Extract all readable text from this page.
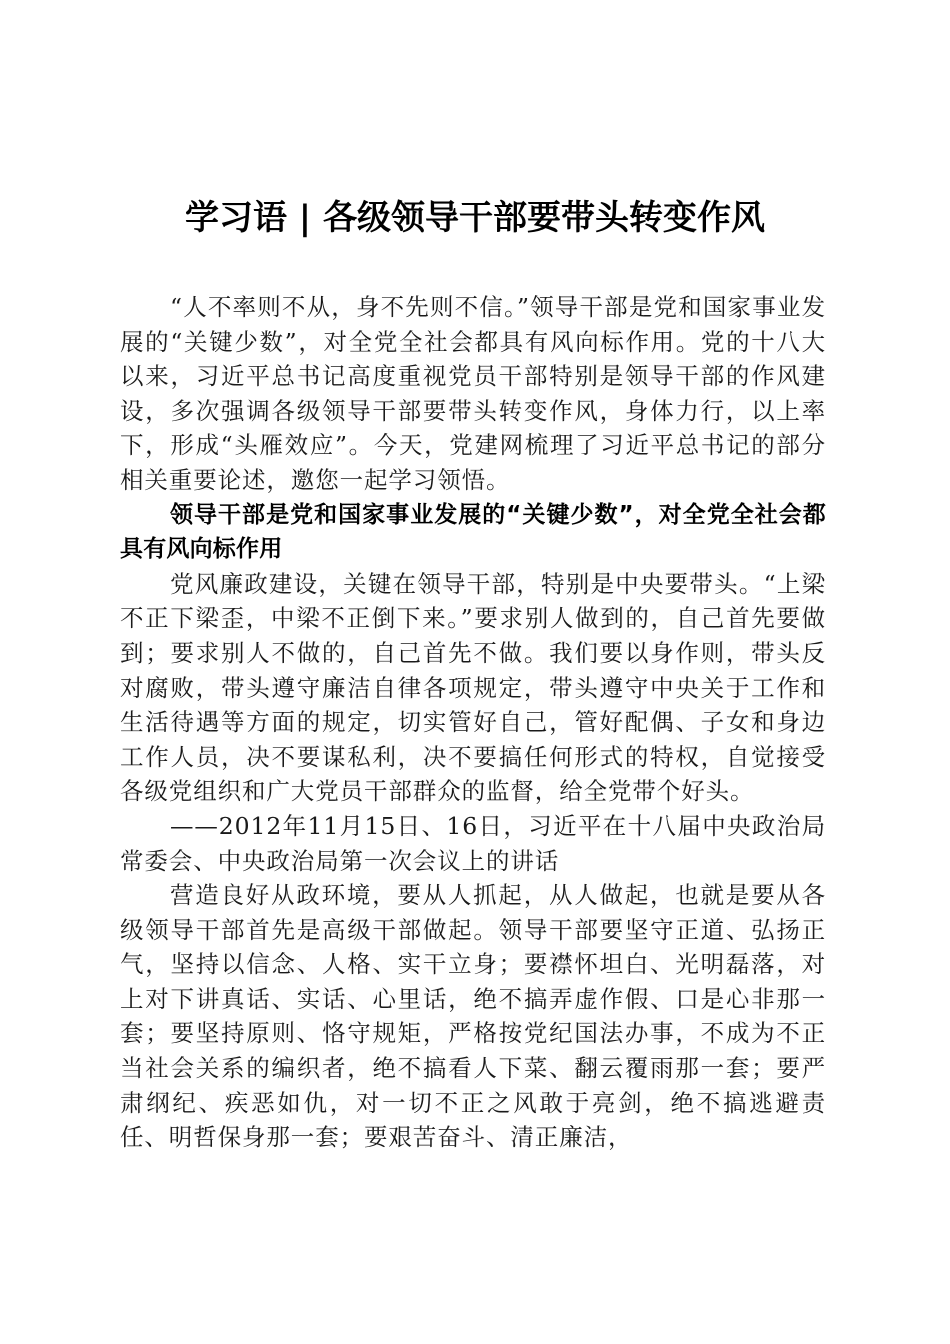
学习语 | 各级领导干部要带头转变作风

“人不率则不从，身不先则不信。”领导干部是党和国家事业发展的“关键少数”，对全党全社会都具有风向标作用。党的十八大以来，习近平总书记高度重视党员干部特别是领导干部的作风建设，多次强调各级领导干部要带头转变作风，身体力行，以上率下，形成“头雁效应”。今天，党建网梳理了习近平总书记的部分相关重要论述，邀您一起学习领悟。

领导干部是党和国家事业发展的“关键少数”，对全党全社会都具有风向标作用

党风廉政建设，关键在领导干部，特别是中央要带头。“上梁不正下梁歪，中梁不正倒下来。”要求别人做到的，自己首先要做到；要求别人不做的，自己首先不做。我们要以身作则，带头反对腐败，带头遵守廉洁自律各项规定，带头遵守中央关于工作和生活待遇等方面的规定，切实管好自己，管好配偶、子女和身边工作人员，决不要谋私利，决不要搞任何形式的特权，自觉接受各级党组织和广大党员干部群众的监督，给全党带个好头。

——2012年11月15日、16日，习近平在十八届中央政治局常委会、中央政治局第一次会议上的讲话

营造良好从政环境，要从人抓起，从人做起，也就是要从各级领导干部首先是高级干部做起。领导干部要坚守正道、弘扬正气，坚持以信念、人格、实干立身；要襟怀坦白、光明磊落，对上对下讲真话、实话、心里话，绝不搞弄虚作假、口是心非那一套；要坚持原则、恪守规矩，严格按党纪国法办事，不成为不正当社会关系的编织者，绝不搞看人下菜、翻云覆雨那一套；要严肃纲纪、疾恶如仇，对一切不正之风敢于亮剑，绝不搞逃避责任、明哲保身那一套；要艰苦奋斗、清正廉洁，
